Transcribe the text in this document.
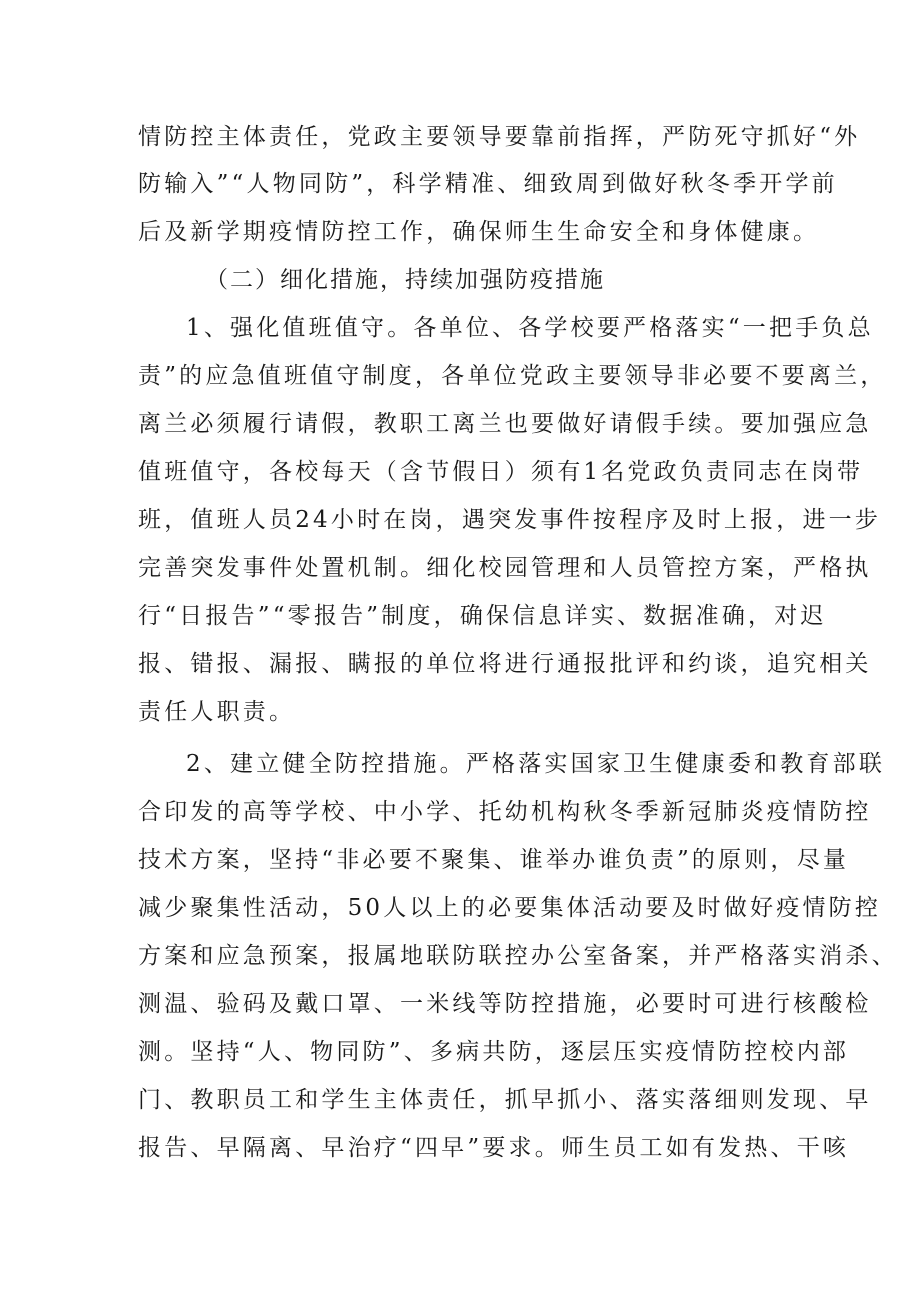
情防控主体责任，党政主要领导要靠前指挥，严防死守抓好“外
防输入”“人物同防”，科学精准、细致周到做好秋冬季开学前
后及新学期疫情防控工作，确保师生生命安全和身体健康。
（二）细化措施，持续加强防疫措施
1、强化值班值守。各单位、各学校要严格落实“一把手负总
责”的应急值班值守制度，各单位党政主要领导非必要不要离兰，
离兰必须履行请假，教职工离兰也要做好请假手续。要加强应急
值班值守，各校每天（含节假日）须有1名党政负责同志在岗带
班，值班人员24小时在岗，遇突发事件按程序及时上报，进一步
完善突发事件处置机制。细化校园管理和人员管控方案，严格执
行“日报告”“零报告”制度，确保信息详实、数据准确，对迟
报、错报、漏报、瞒报的单位将进行通报批评和约谈，追究相关
责任人职责。
2、建立健全防控措施。严格落实国家卫生健康委和教育部联
合印发的高等学校、中小学、托幼机构秋冬季新冠肺炎疫情防控
技术方案，坚持“非必要不聚集、谁举办谁负责”的原则，尽量
减少聚集性活动，50人以上的必要集体活动要及时做好疫情防控
方案和应急预案，报属地联防联控办公室备案，并严格落实消杀、
测温、验码及戴口罩、一米线等防控措施，必要时可进行核酸检
测。坚持“人、物同防”、多病共防，逐层压实疫情防控校内部
门、教职员工和学生主体责任，抓早抓小、落实落细则发现、早
报告、早隔离、早治疗“四早”要求。师生员工如有发热、干咳
